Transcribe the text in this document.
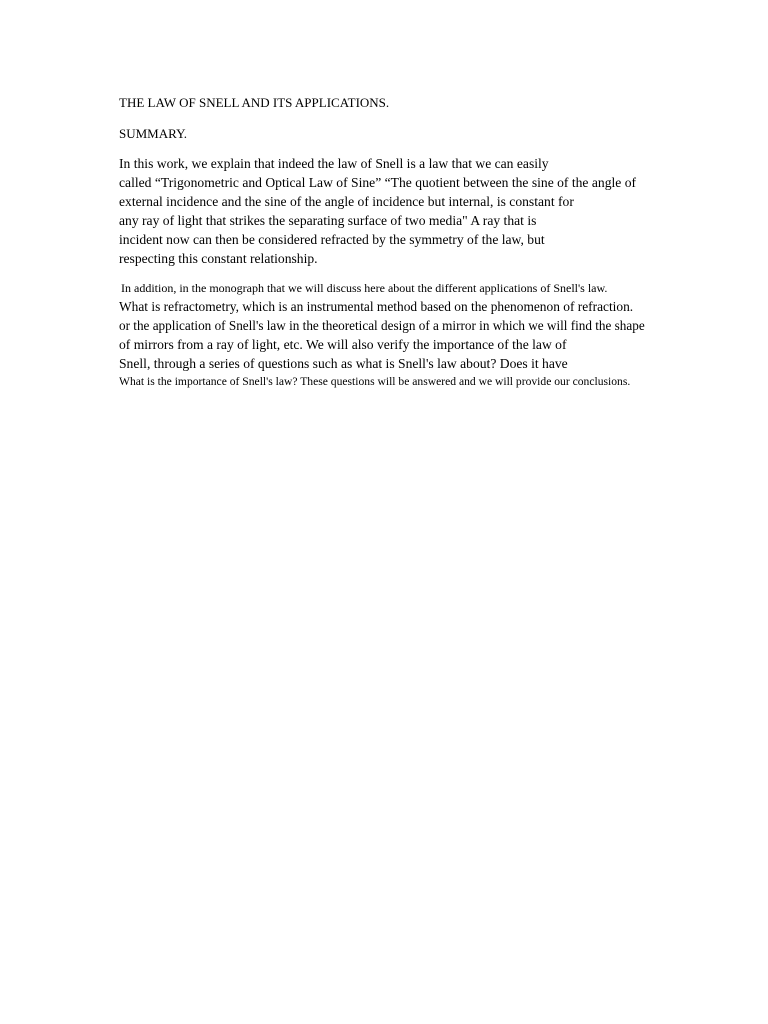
THE LAW OF SNELL AND ITS APPLICATIONS.
SUMMARY.
In this work, we explain that indeed the law of Snell is a law that we can easily
called “Trigonometric and Optical Law of Sine” “The quotient between the sine of the angle of
external incidence and the sine of the angle of incidence but internal, is constant for
any ray of light that strikes the separating surface of two media" A ray that is
incident now can then be considered refracted by the symmetry of the law, but
respecting this constant relationship.
In addition, in the monograph that we will discuss here about the different applications of Snell's law.
What is refractometry, which is an instrumental method based on the phenomenon of refraction.
or the application of Snell's law in the theoretical design of a mirror in which we will find the shape
of mirrors from a ray of light, etc. We will also verify the importance of the law of
Snell, through a series of questions such as what is Snell's law about? Does it have
What is the importance of Snell's law? These questions will be answered and we will provide our conclusions.
